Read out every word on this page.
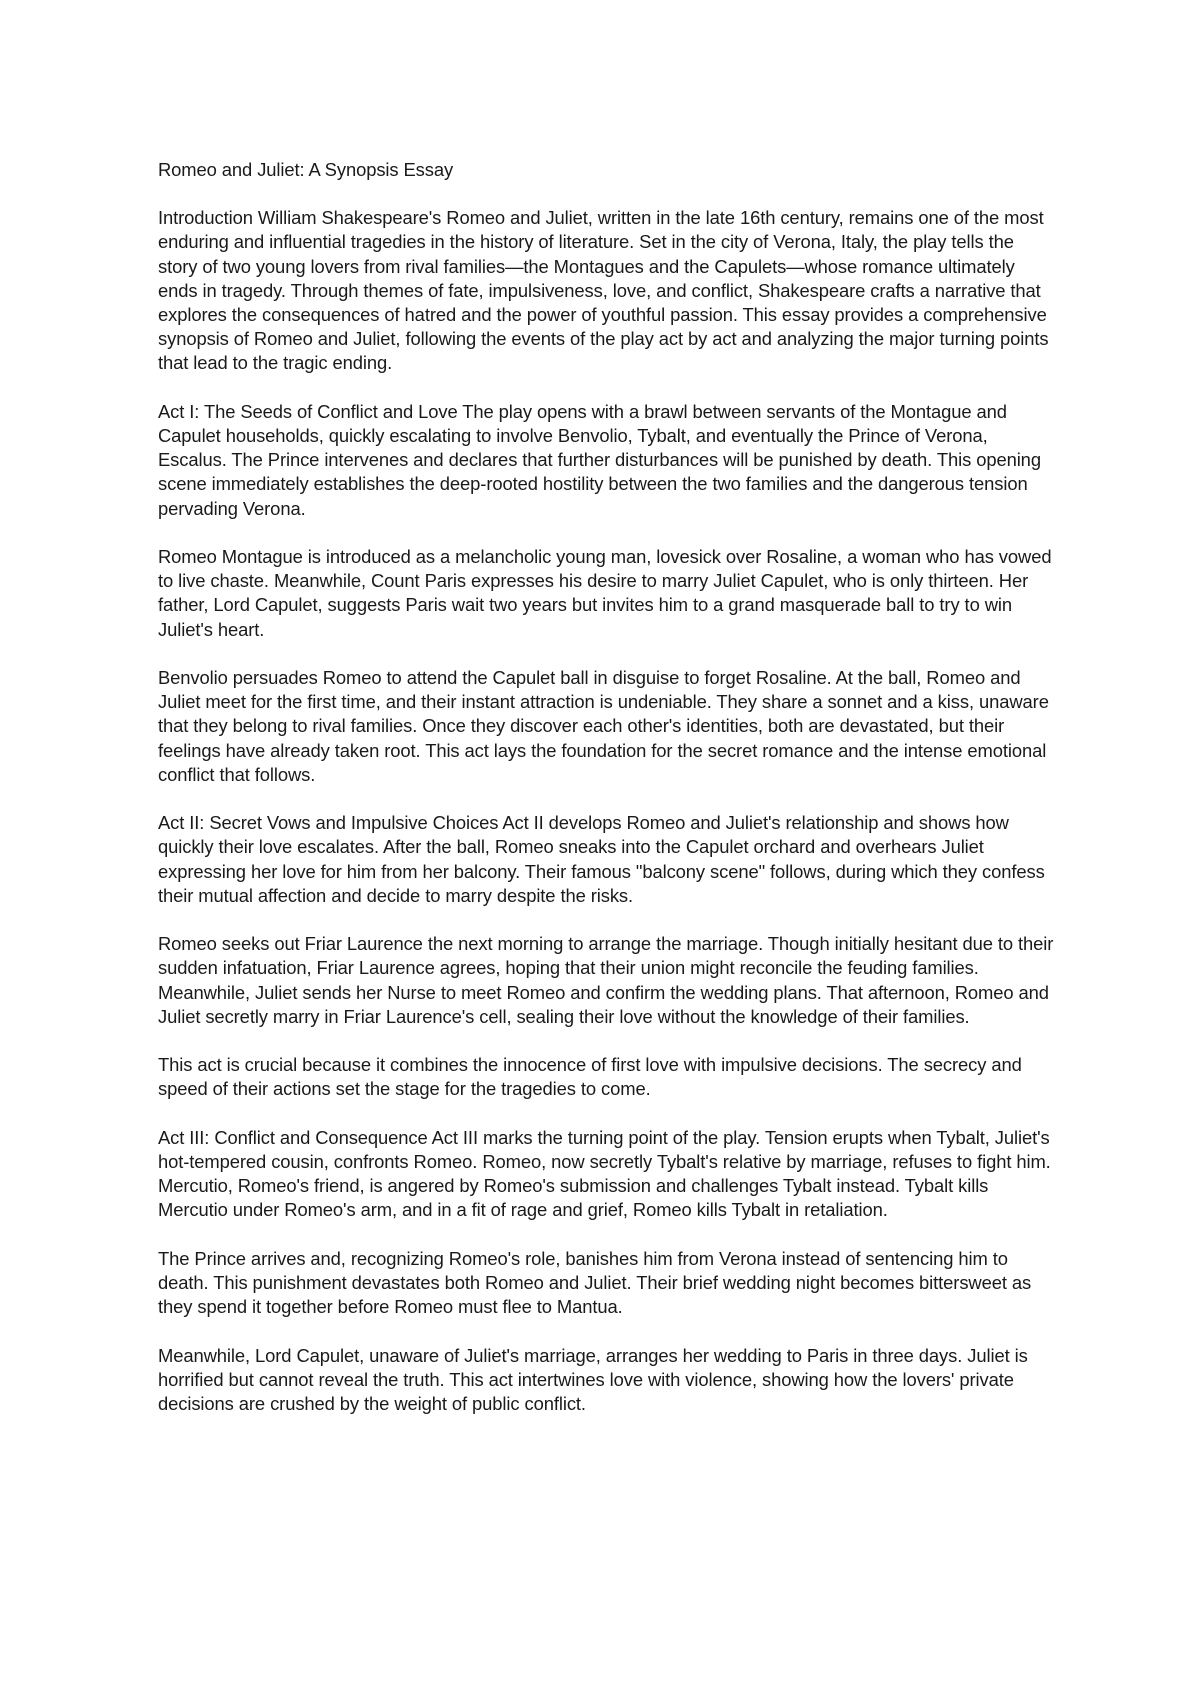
Romeo and Juliet: A Synopsis Essay

Introduction William Shakespeare's Romeo and Juliet, written in the late 16th century, remains one of the most enduring and influential tragedies in the history of literature. Set in the city of Verona, Italy, the play tells the story of two young lovers from rival families—the Montagues and the Capulets—whose romance ultimately ends in tragedy. Through themes of fate, impulsiveness, love, and conflict, Shakespeare crafts a narrative that explores the consequences of hatred and the power of youthful passion. This essay provides a comprehensive synopsis of Romeo and Juliet, following the events of the play act by act and analyzing the major turning points that lead to the tragic ending.

Act I: The Seeds of Conflict and Love The play opens with a brawl between servants of the Montague and Capulet households, quickly escalating to involve Benvolio, Tybalt, and eventually the Prince of Verona, Escalus. The Prince intervenes and declares that further disturbances will be punished by death. This opening scene immediately establishes the deep-rooted hostility between the two families and the dangerous tension pervading Verona.

Romeo Montague is introduced as a melancholic young man, lovesick over Rosaline, a woman who has vowed to live chaste. Meanwhile, Count Paris expresses his desire to marry Juliet Capulet, who is only thirteen. Her father, Lord Capulet, suggests Paris wait two years but invites him to a grand masquerade ball to try to win Juliet's heart.

Benvolio persuades Romeo to attend the Capulet ball in disguise to forget Rosaline. At the ball, Romeo and Juliet meet for the first time, and their instant attraction is undeniable. They share a sonnet and a kiss, unaware that they belong to rival families. Once they discover each other's identities, both are devastated, but their feelings have already taken root. This act lays the foundation for the secret romance and the intense emotional conflict that follows.

Act II: Secret Vows and Impulsive Choices Act II develops Romeo and Juliet's relationship and shows how quickly their love escalates. After the ball, Romeo sneaks into the Capulet orchard and overhears Juliet expressing her love for him from her balcony. Their famous "balcony scene" follows, during which they confess their mutual affection and decide to marry despite the risks.

Romeo seeks out Friar Laurence the next morning to arrange the marriage. Though initially hesitant due to their sudden infatuation, Friar Laurence agrees, hoping that their union might reconcile the feuding families. Meanwhile, Juliet sends her Nurse to meet Romeo and confirm the wedding plans. That afternoon, Romeo and Juliet secretly marry in Friar Laurence's cell, sealing their love without the knowledge of their families.

This act is crucial because it combines the innocence of first love with impulsive decisions. The secrecy and speed of their actions set the stage for the tragedies to come.

Act III: Conflict and Consequence Act III marks the turning point of the play. Tension erupts when Tybalt, Juliet's hot-tempered cousin, confronts Romeo. Romeo, now secretly Tybalt's relative by marriage, refuses to fight him. Mercutio, Romeo's friend, is angered by Romeo's submission and challenges Tybalt instead. Tybalt kills Mercutio under Romeo's arm, and in a fit of rage and grief, Romeo kills Tybalt in retaliation.

The Prince arrives and, recognizing Romeo's role, banishes him from Verona instead of sentencing him to death. This punishment devastates both Romeo and Juliet. Their brief wedding night becomes bittersweet as they spend it together before Romeo must flee to Mantua.

Meanwhile, Lord Capulet, unaware of Juliet's marriage, arranges her wedding to Paris in three days. Juliet is horrified but cannot reveal the truth. This act intertwines love with violence, showing how the lovers' private decisions are crushed by the weight of public conflict.
